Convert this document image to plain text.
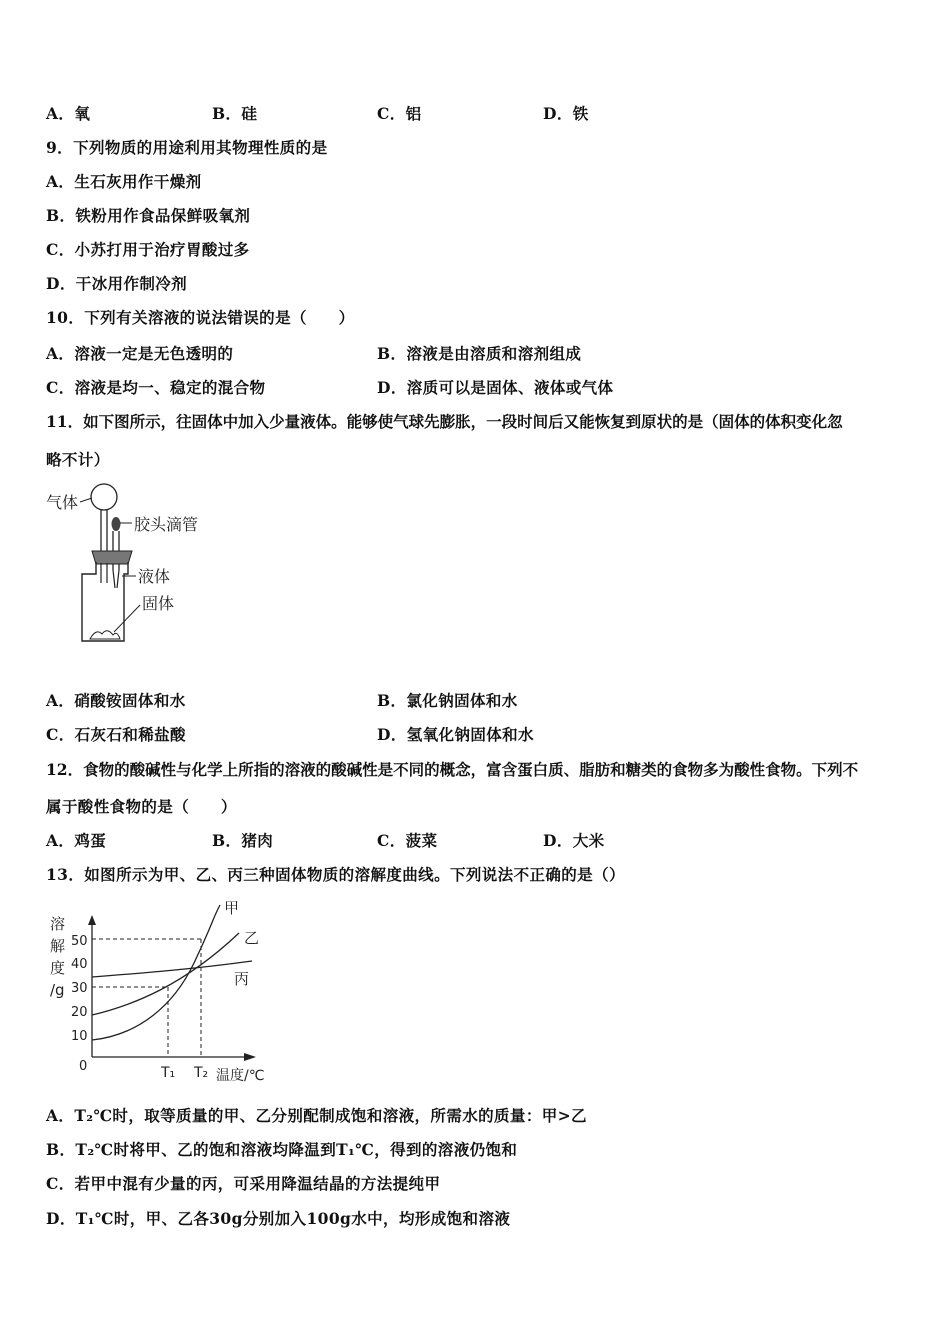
A．氧	B．硅	C．铝	D．铁
9．下列物质的用途利用其物理性质的是
A．生石灰用作干燥剂
B．铁粉用作食品保鲜吸氧剂
C．小苏打用于治疗胃酸过多
D．干冰用作制冷剂
10．下列有关溶液的说法错误的是（　　）
A．溶液一定是无色透明的	B．溶液是由溶质和溶剂组成
C．溶液是均一、稳定的混合物	D．溶质可以是固体、液体或气体
11．如下图所示，往固体中加入少量液体。能够使气球先膨胀，一段时间后又能恢复到原状的是（固体的体积变化忽
略不计）
气体
胶头滴管
液体
固体
A．硝酸铵固体和水	B．氯化钠固体和水
C．石灰石和稀盐酸	D．氢氧化钠固体和水
12．食物的酸碱性与化学上所指的溶液的酸碱性是不同的概念，富含蛋白质、脂肪和糖类的食物多为酸性食物。下列不
属于酸性食物的是（　　）
A．鸡蛋	B．猪肉	C．菠菜	D．大米
13．如图所示为甲、乙、丙三种固体物质的溶解度曲线。下列说法不正确的是（）
溶
解
度
/g
50
40
30
20
10
0
甲
乙
丙
T₁ T₂ 温度/℃
A．T₂℃时，取等质量的甲、乙分别配制成饱和溶液，所需水的质量：甲>乙
B．T₂℃时将甲、乙的饱和溶液均降温到T₁℃，得到的溶液仍饱和
C．若甲中混有少量的丙，可采用降温结晶的方法提纯甲
D．T₁℃时，甲、乙各30g分别加入100g水中，均形成饱和溶液
